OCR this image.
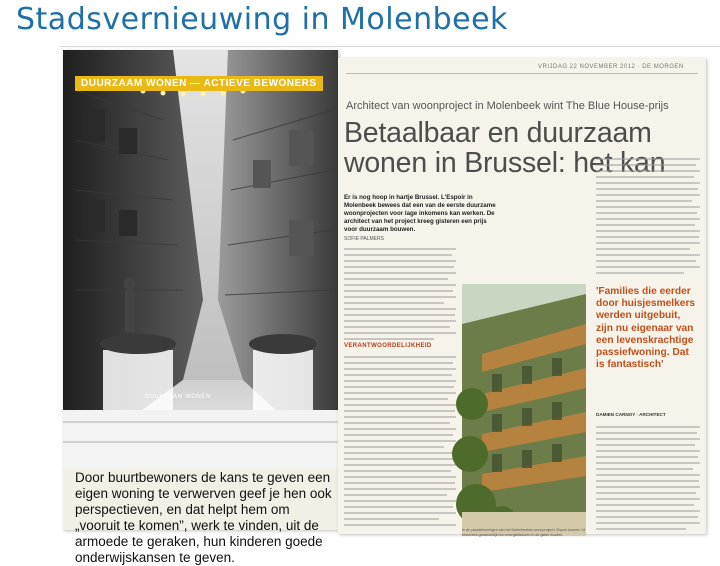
Stadsvernieuwing in Molenbeek
DUURZAAM WONEN — ACTIEVE BEWONERS
DUURZAAM WONEN
Door buurtbewoners de kans te geven een eigen woning te verwerven geef je hen ook perspectieven, en dat helpt hem om „vooruit te komen”, werk te vinden, uit de armoede te geraken, hun kinderen goede onderwijskansen te geven.
VRIJDAG 22 NOVEMBER 2012 · DE MORGEN
Architect van woonproject in Molenbeek wint The Blue House-prijs
Betaalbaar en duurzaam wonen in Brussel: het kan
Er is nog hoop in hartje Brussel. L'Espoir in Molenbeek bewees dat een van de eerste duurzame woonprojecten voor lage inkomens kan werken. De architect van het project kreeg gisteren een prijs voor duurzaam bouwen.
SOFIE PALMERS
VERANTWOORDELIJKHEID
In de passiefwoningen van het Molenbeekse woonproject L'Espoir kunnen 14 bewoners gezamenlijk hun energiefacturen in de gaten houden.
'Families die eerder door huisjesmelkers werden uitgebuit, zijn nu eigenaar van een levenskrachtige passiefwoning. Dat is fantastisch'
DAMIEN CARNOY · ARCHITECT
